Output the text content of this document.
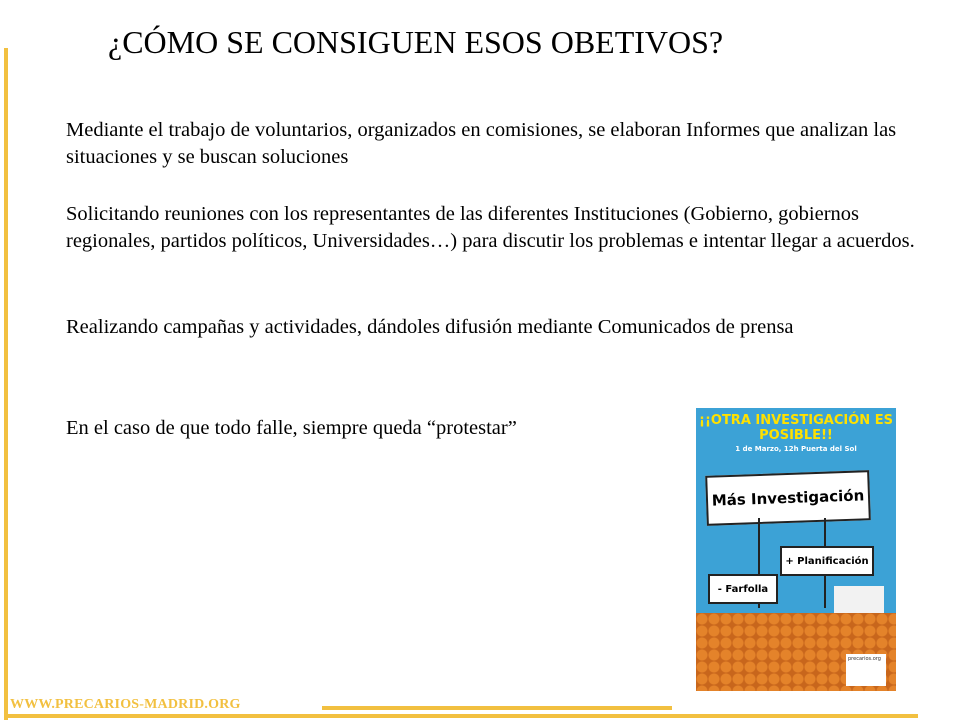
¿CÓMO SE CONSIGUEN ESOS OBETIVOS?

Mediante el trabajo de voluntarios, organizados en comisiones, se elaboran Informes que analizan las situaciones y se buscan soluciones

Solicitando reuniones con los representantes de las diferentes Instituciones (Gobierno, gobiernos regionales, partidos políticos, Universidades…) para discutir los problemas e intentar llegar a acuerdos.

Realizando campañas y actividades, dándoles difusión mediante Comunicados de prensa

En el caso de que todo falle, siempre queda “protestar”	¡¡OTRA INVESTIGACIÓN ES POSIBLE!!
1 de Marzo, 12h Puerta del Sol
Más Investigación
+ Planificación
- Farfolla
precarios.org
WWW.PRECARIOS-MADRID.ORG
